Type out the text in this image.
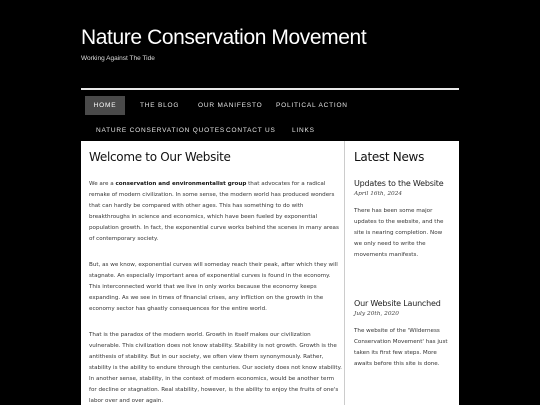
Nature Conservation Movement
Working Against The Tide
HOME	THE BLOG	OUR MANIFESTO POLITICAL ACTION
NATURE CONSERVATION QUOTES CONTACT US	LINKS
Welcome to Our Website

We are a conservation and environmentalist group that advocates for a radical remake of modern civilization. In some sense, the modern world has produced wonders that can hardly be compared with other ages. This has something to do with breakthroughs in science and economics, which have been fueled by exponential population growth. In fact, the exponential curve works behind the scenes in many areas of contemporary society.

But, as we know, exponential curves will someday reach their peak, after which they will stagnate. An especially important area of exponential curves is found in the economy. This interconnected world that we live in only works because the economy keeps expanding. As we see in times of financial crises, any infliction on the growth in the economy sector has ghastly consequences for the entire world.

That is the paradox of the modern world. Growth in itself makes our civilization vulnerable. This civilization does not know stability. Stability is not growth. Growth is the antithesis of stability. But in our society, we often view them synonymously. Rather, stability is the ability to endure through the centuries. Our society does not know stability. In another sense, stability, in the context of modern economics, would be another term for decline or stagnation. Real stability, however, is the ability to enjoy the fruits of one's labor over and over again.

Latest News
Updates to the Website
April 16th, 2024
There has been some major updates to the website, and the site is nearing completion. Now we only need to write the movements manifests.
Our Website Launched
July 20th, 2020
The website of the 'Wilderness Conservation Movement' has just taken its first few steps. More awaits before this site is done.
